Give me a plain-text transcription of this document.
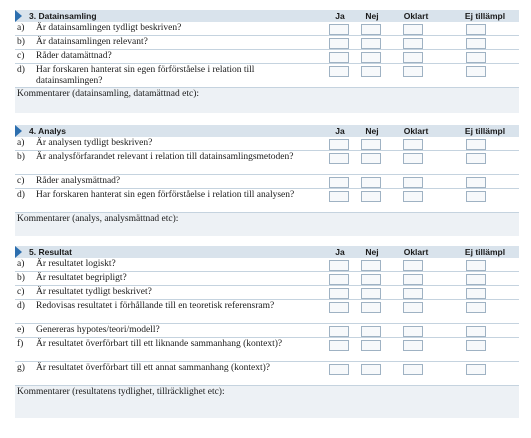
3. Datainsamling	Ja	Nej	Oklart	Ej tillämpl
a) Är datainsamlingen tydligt beskriven?
b) Är datainsamlingen relevant?
c) Råder datamättnad?
d) Har forskaren hanterat sin egen förförståelse i relation till datainsamlingen?
Kommentarer (datainsamling, datamättnad etc):
4. Analys	Ja	Nej	Oklart	Ej tillämpl
a) Är analysen tydligt beskriven?
b) Är analysförfarandet relevant i relation till datainsamlingsmetoden?
c) Råder analysmättnad?
d) Har forskaren hanterat sin egen förförståelse i relation till analysen?
Kommentarer (analys, analysmättnad etc):
5. Resultat	Ja	Nej	Oklart	Ej tillämpl
a) Är resultatet logiskt?
b) Är resultatet begripligt?
c) Är resultatet tydligt beskrivet?
d) Redovisas resultatet i förhållande till en teoretisk referensram?
e) Genereras hypotes/teori/modell?
f) Är resultatet överförbart till ett liknande sammanhang (kontext)?
g) Är resultatet överförbart till ett annat sammanhang (kontext)?
Kommentarer (resultatens tydlighet, tillräcklighet etc):
